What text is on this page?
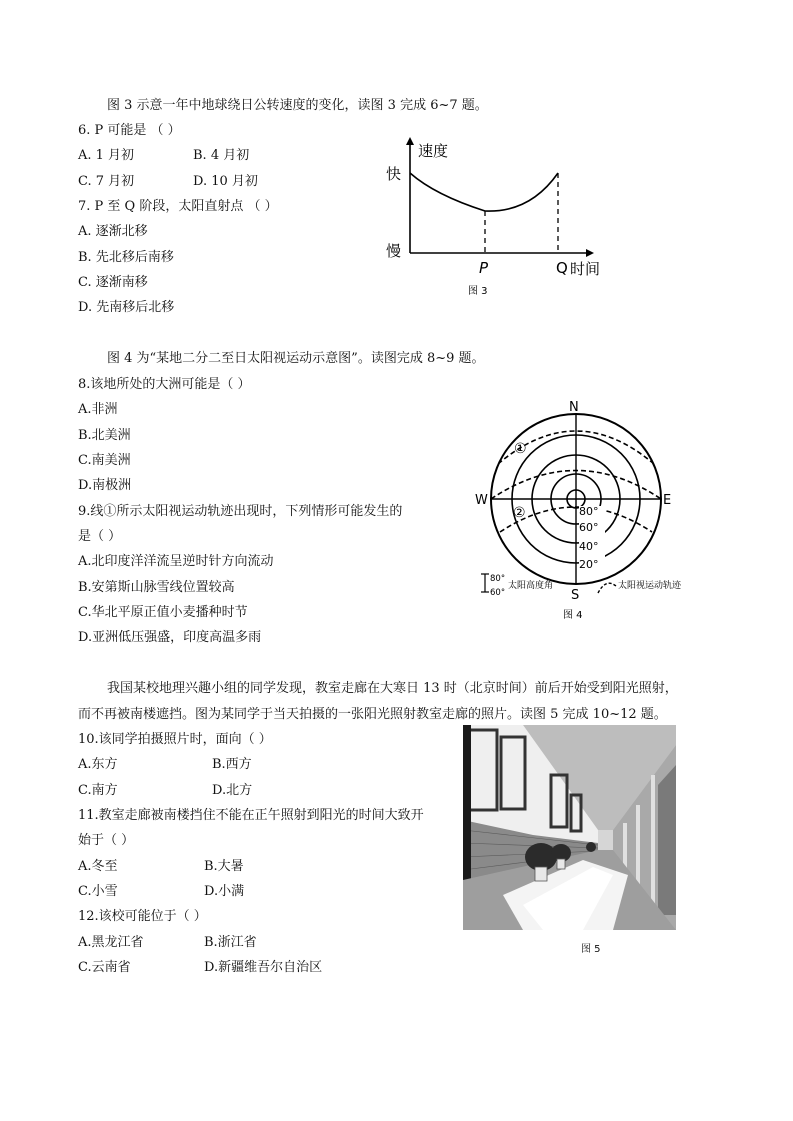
图 3 示意一年中地球绕日公转速度的变化，读图 3 完成 6~7 题。
6. P 可能是 （ ）
A. 1 月初	B. 4 月初
C. 7 月初	D. 10 月初
7. P 至 Q 阶段，太阳直射点 （ ）
A. 逐渐北移
B. 先北移后南移
C. 逐渐南移
D. 先南移后北移
速度
快
慢
P	Q 时间
图 3
图 4 为“某地二分二至日太阳视运动示意图”。读图完成 8~9 题。
8.该地所处的大洲可能是（ ）
A.非洲
B.北美洲
C.南美洲
D.南极洲
9.线①所示太阳视运动轨迹出现时，下列情形可能发生的
是（ ）
A.北印度洋洋流呈逆时针方向流动
B.安第斯山脉雪线位置较高
C.华北平原正值小麦播种时节
D.亚洲低压强盛，印度高温多雨
80°
60°
40°
20°
N
S
W	E
①
②
80°
60°
太阳高度角	太阳视运动轨迹
图 4
我国某校地理兴趣小组的同学发现，教室走廊在大寒日 13 时（北京时间）前后开始受到阳光照射，
而不再被南楼遮挡。图为某同学于当天拍摄的一张阳光照射教室走廊的照片。读图 5 完成 10~12 题。
10.该同学拍摄照片时，面向（ ）
A.东方	B.西方
C.南方	D.北方
11.教室走廊被南楼挡住不能在正午照射到阳光的时间大致开
始于（ ）
A.冬至	B.大暑
C.小雪	D.小满
12.该校可能位于（ ）
A.黑龙江省	B.浙江省
C.云南省	D.新疆维吾尔自治区
图 5
